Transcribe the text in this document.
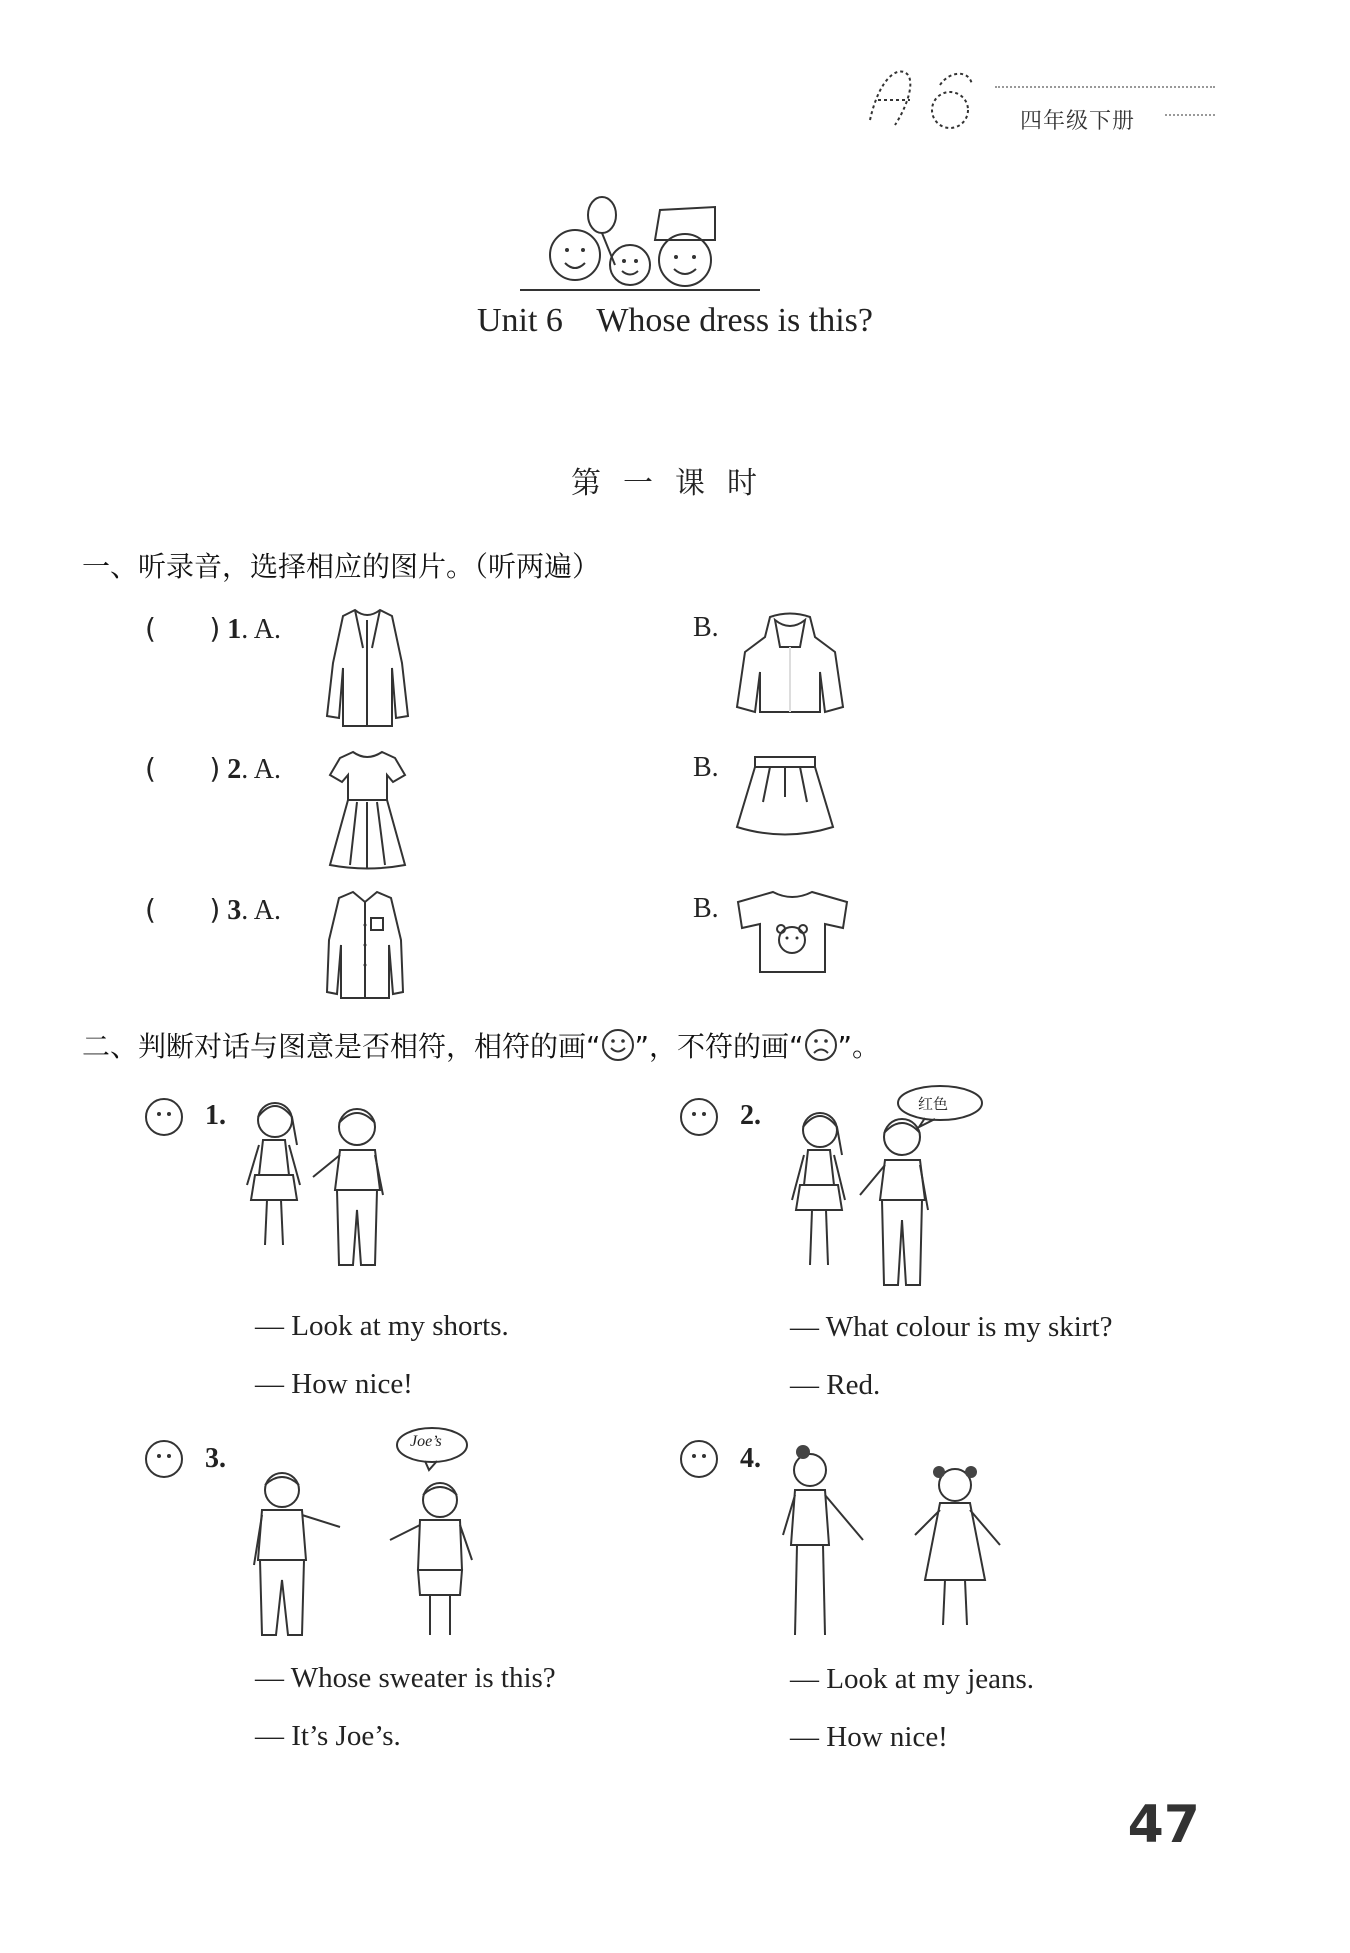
四年级下册
Unit 6    Whose dress is this?
第一课时
一、听录音，选择相应的图片。（听两遍）
(      ) 1. A.	B.
(      ) 2. A.	B.
(      ) 3. A.	B.
二、判断对话与图意是否相符，相符的画“ ”，不符的画“ ”。
1.
— Look at my shorts.
— How nice!
2.	红色
— What colour is my skirt?
— Red.
3.
Joe’s
— Whose sweater is this?
— It’s Joe’s.
4.
— Look at my jeans.
— How nice!
47
